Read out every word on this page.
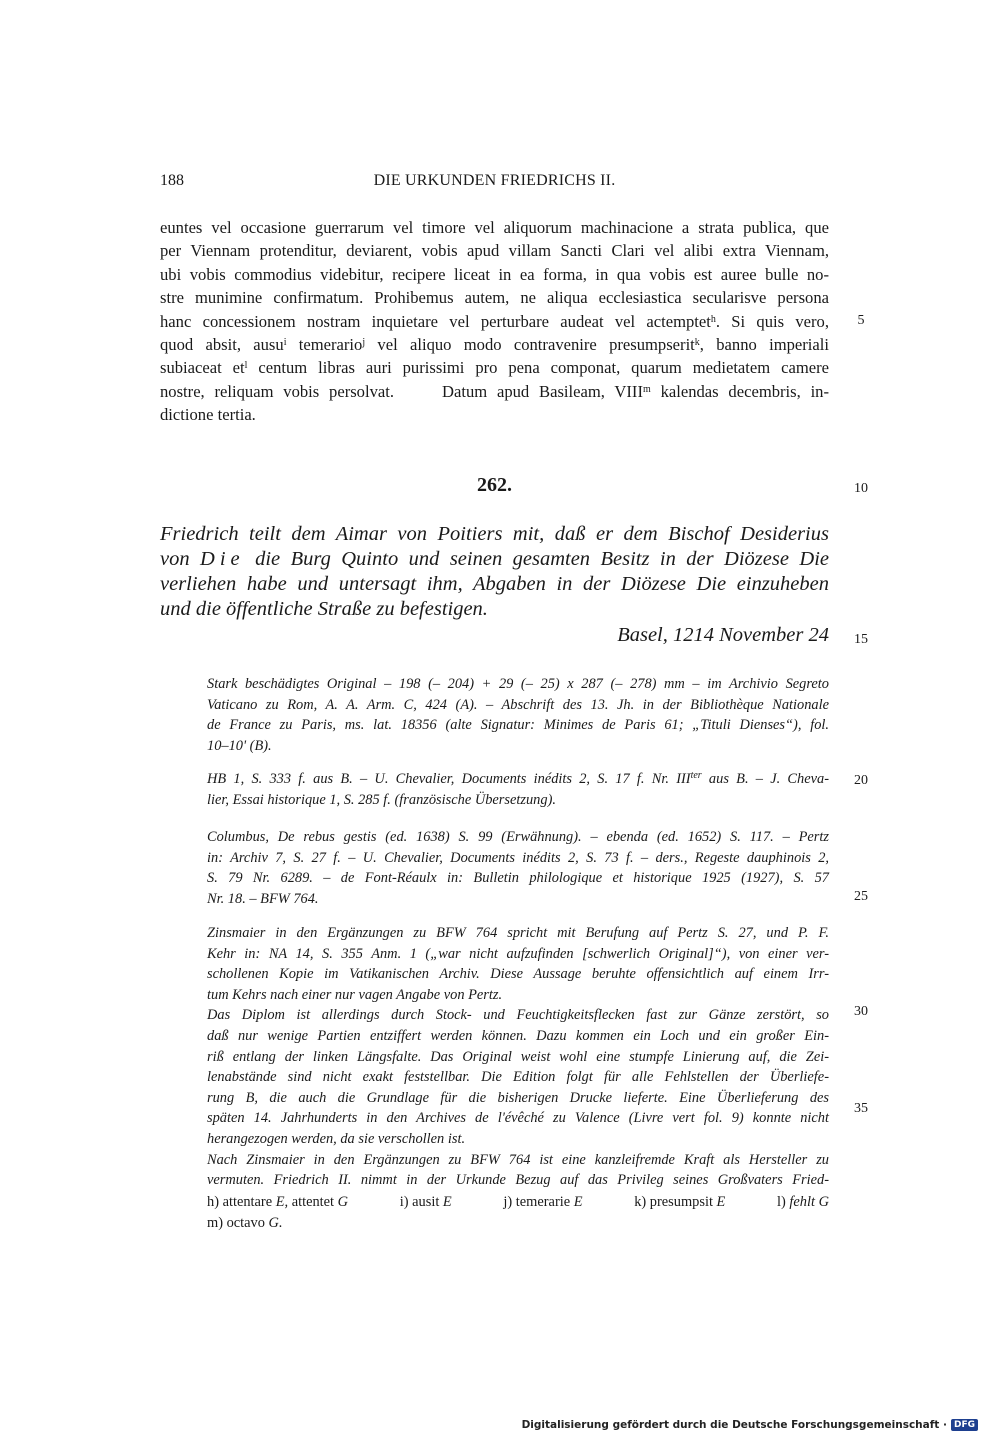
188	DIE URKUNDEN FRIEDRICHS II.
euntes vel occasione guerrarum vel timore vel aliquorum machinacione a strata publica, que
per Viennam protenditur, deviarent, vobis apud villam Sancti Clari vel alibi extra Viennam,
ubi vobis commodius videbitur, recipere liceat in ea forma, in qua vobis est auree bulle no-
stre munimine confirmatum. Prohibemus autem, ne aliqua ecclesiastica secularisve persona
hanc concessionem nostram inquietare vel perturbare audeat vel actemptet$^h$. Si quis vero,
quod absit, ausu$^i$ temerario$^j$ vel aliquo modo contravenire presumpserit$^k$, banno imperiali
subiaceat $et^l$ centum libras auri purissimi pro pena componat, quarum medietatem camere
nostre, reliquam vobis persolvat.	Datum apud Basileam, VIII$^m$ kalendas decembris, in-
dictione tertia.
5
10
15
20
25
30
35
262.
Friedrich teilt dem Aimar von Poitiers mit, daß er dem Bischof Desiderius
von Die die Burg Quinto und seinen gesamten Besitz in der Diözese Die
verliehen habe und untersagt ihm, Abgaben in der Diözese Die einzuheben
und die öffentliche Straße zu befestigen.
Basel, 1214 November 24
Stark beschädigtes Original – 198 (– 204) + 29 (– 25) x 287 (– 278) mm – im Archivio Segreto
Vaticano zu Rom, A. A. Arm. C, 424 (A). – Abschrift des 13. Jh. in der Bibliothèque Nationale
de France zu Paris, ms. lat. 18356 (alte Signatur: Minimes de Paris 61; „Tituli Dienses“), fol.
10–10' (B).
HB 1, S. 333 f. aus B. – U. Chevalier, Documents inédits 2, S. 17 f. Nr. $III^{ter}$ aus B. – J. Cheva-
lier, Essai historique 1, S. 285 f. (französische Übersetzung).
Columbus, De rebus gestis (ed. 1638) S. 99 (Erwähnung). – ebenda (ed. 1652) S. 117. – Pertz
in: Archiv 7, S. 27 f. – U. Chevalier, Documents inédits 2, S. 73 f. – ders., Regeste dauphinois 2,
S. 79 Nr. 6289. – de Font-Réaulx in: Bulletin philologique et historique 1925 (1927), S. 57
Nr. 18. – BFW 764.
Zinsmaier in den Ergänzungen zu BFW 764 spricht mit Berufung auf Pertz S. 27, und P. F.
Kehr in: NA 14, S. 355 Anm. 1 („war nicht aufzufinden [schwerlich Original]“), von einer ver-
schollenen Kopie im Vatikanischen Archiv. Diese Aussage beruhte offensichtlich auf einem Irr-
tum Kehrs nach einer nur vagen Angabe von Pertz.
Das Diplom ist allerdings durch Stock- und Feuchtigkeitsflecken fast zur Gänze zerstört, so
daß nur wenige Partien entziffert werden können. Dazu kommen ein Loch und ein großer Ein-
riß entlang der linken Längsfalte. Das Original weist wohl eine stumpfe Linierung auf, die Zei-
lenabstände sind nicht exakt feststellbar. Die Edition folgt für alle Fehlstellen der Überliefe-
rung B, die auch die Grundlage für die bisherigen Drucke lieferte. Eine Überlieferung des
späten 14. Jahrhunderts in den Archives de l'évêché zu Valence (Livre vert fol. 9) konnte nicht
herangezogen werden, da sie verschollen ist.
Nach Zinsmaier in den Ergänzungen zu BFW 764 ist eine kanzleifremde Kraft als Hersteller zu
vermuten. Friedrich II. nimmt in der Urkunde Bezug auf das Privileg seines Großvaters Fried-
h) attentare E, attentet G	i) ausit E	j) temerarie E	k) presumpsit E	l) fehlt G
m) octavo G.
Digitalisierung gefördert durch die Deutsche Forschungsgemeinschaft · DFG
